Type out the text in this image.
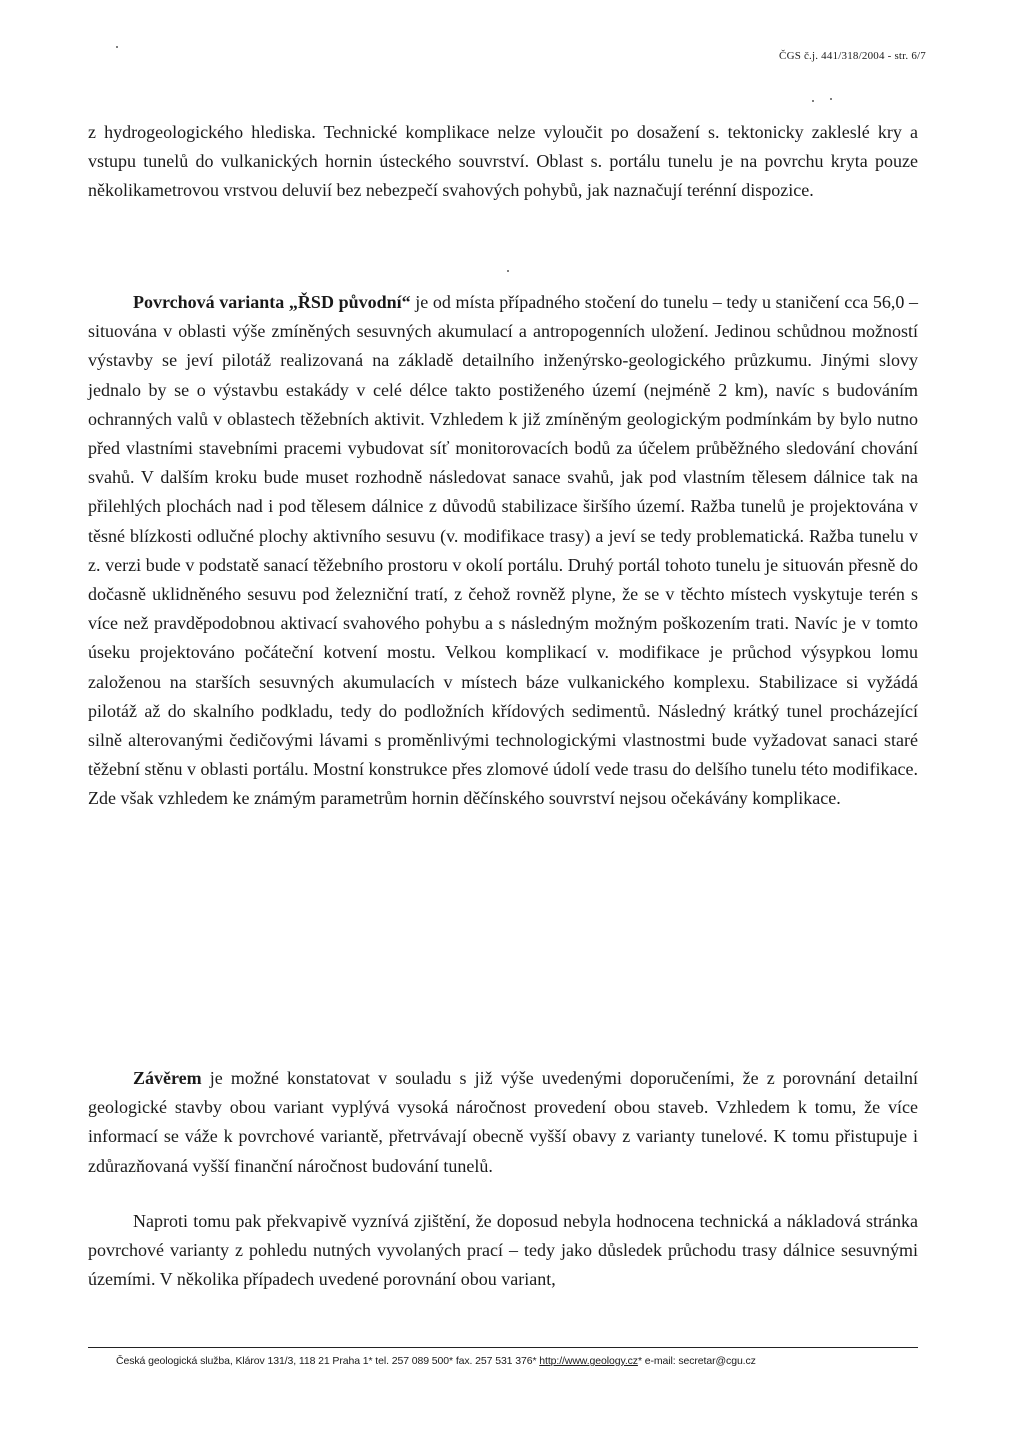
ČGS č.j. 441/318/2004 - str. 6/7

z hydrogeologického hlediska. Technické komplikace nelze vyloučit po dosažení s. tektonicky zakleslé kry a vstupu tunelů do vulkanických hornin ústeckého souvrství. Oblast s. portálu tunelu je na povrchu kryta pouze několikametrovou vrstvou deluvií bez nebezpečí svahových pohybů, jak naznačují terénní dispozice.

Povrchová varianta „ŘSD původní“ je od místa případného stočení do tunelu – tedy u staničení cca 56,0 – situována v oblasti výše zmíněných sesuvných akumulací a antropogenních uložení. Jedinou schůdnou možností výstavby se jeví pilotáž realizovaná na základě detailního inženýrsko-geologického průzkumu. Jinými slovy jednalo by se o výstavbu estakády v celé délce takto postiženého území (nejméně 2 km), navíc s budováním ochranných valů v oblastech těžebních aktivit. Vzhledem k již zmíněným geologickým podmínkám by bylo nutno před vlastními stavebními pracemi vybudovat síť monitorovacích bodů za účelem průběžného sledování chování svahů. V dalším kroku bude muset rozhodně následovat sanace svahů, jak pod vlastním tělesem dálnice tak na přilehlých plochách nad i pod tělesem dálnice z důvodů stabilizace širšího území. Ražba tunelů je projektována v těsné blízkosti odlučné plochy aktivního sesuvu (v. modifikace trasy) a jeví se tedy problematická. Ražba tunelu v z. verzi bude v podstatě sanací těžebního prostoru v okolí portálu. Druhý portál tohoto tunelu je situován přesně do dočasně uklidněného sesuvu pod železniční tratí, z čehož rovněž plyne, že se v těchto místech vyskytuje terén s více než pravděpodobnou aktivací svahového pohybu a s následným možným poškozením trati. Navíc je v tomto úseku projektováno počáteční kotvení mostu. Velkou komplikací v. modifikace je průchod výsypkou lomu založenou na starších sesuvných akumulacích v místech báze vulkanického komplexu. Stabilizace si vyžádá pilotáž až do skalního podkladu, tedy do podložních křídových sedimentů. Následný krátký tunel procházející silně alterovanými čedičovými lávami s proměnlivými technologickými vlastnostmi bude vyžadovat sanaci staré těžební stěnu v oblasti portálu. Mostní konstrukce přes zlomové údolí vede trasu do delšího tunelu této modifikace. Zde však vzhledem ke známým parametrům hornin děčínského souvrství nejsou očekávány komplikace.

Závěrem je možné konstatovat v souladu s již výše uvedenými doporučeními, že z porovnání detailní geologické stavby obou variant vyplývá vysoká náročnost provedení obou staveb. Vzhledem k tomu, že více informací se váže k povrchové variantě, přetrvávají obecně vyšší obavy z varianty tunelové. K tomu přistupuje i zdůrazňovaná vyšší finanční náročnost budování tunelů.

Naproti tomu pak překvapivě vyznívá zjištění, že doposud nebyla hodnocena technická a nákladová stránka povrchové varianty z pohledu nutných vyvolaných prací – tedy jako důsledek průchodu trasy dálnice sesuvnými územími. V několika případech uvedené porovnání obou variant,

Česká geologická služba, Klárov 131/3, 118 21 Praha 1* tel. 257 089 500* fax. 257 531 376* http://www.geology.cz* e-mail: secretar@cgu.cz
